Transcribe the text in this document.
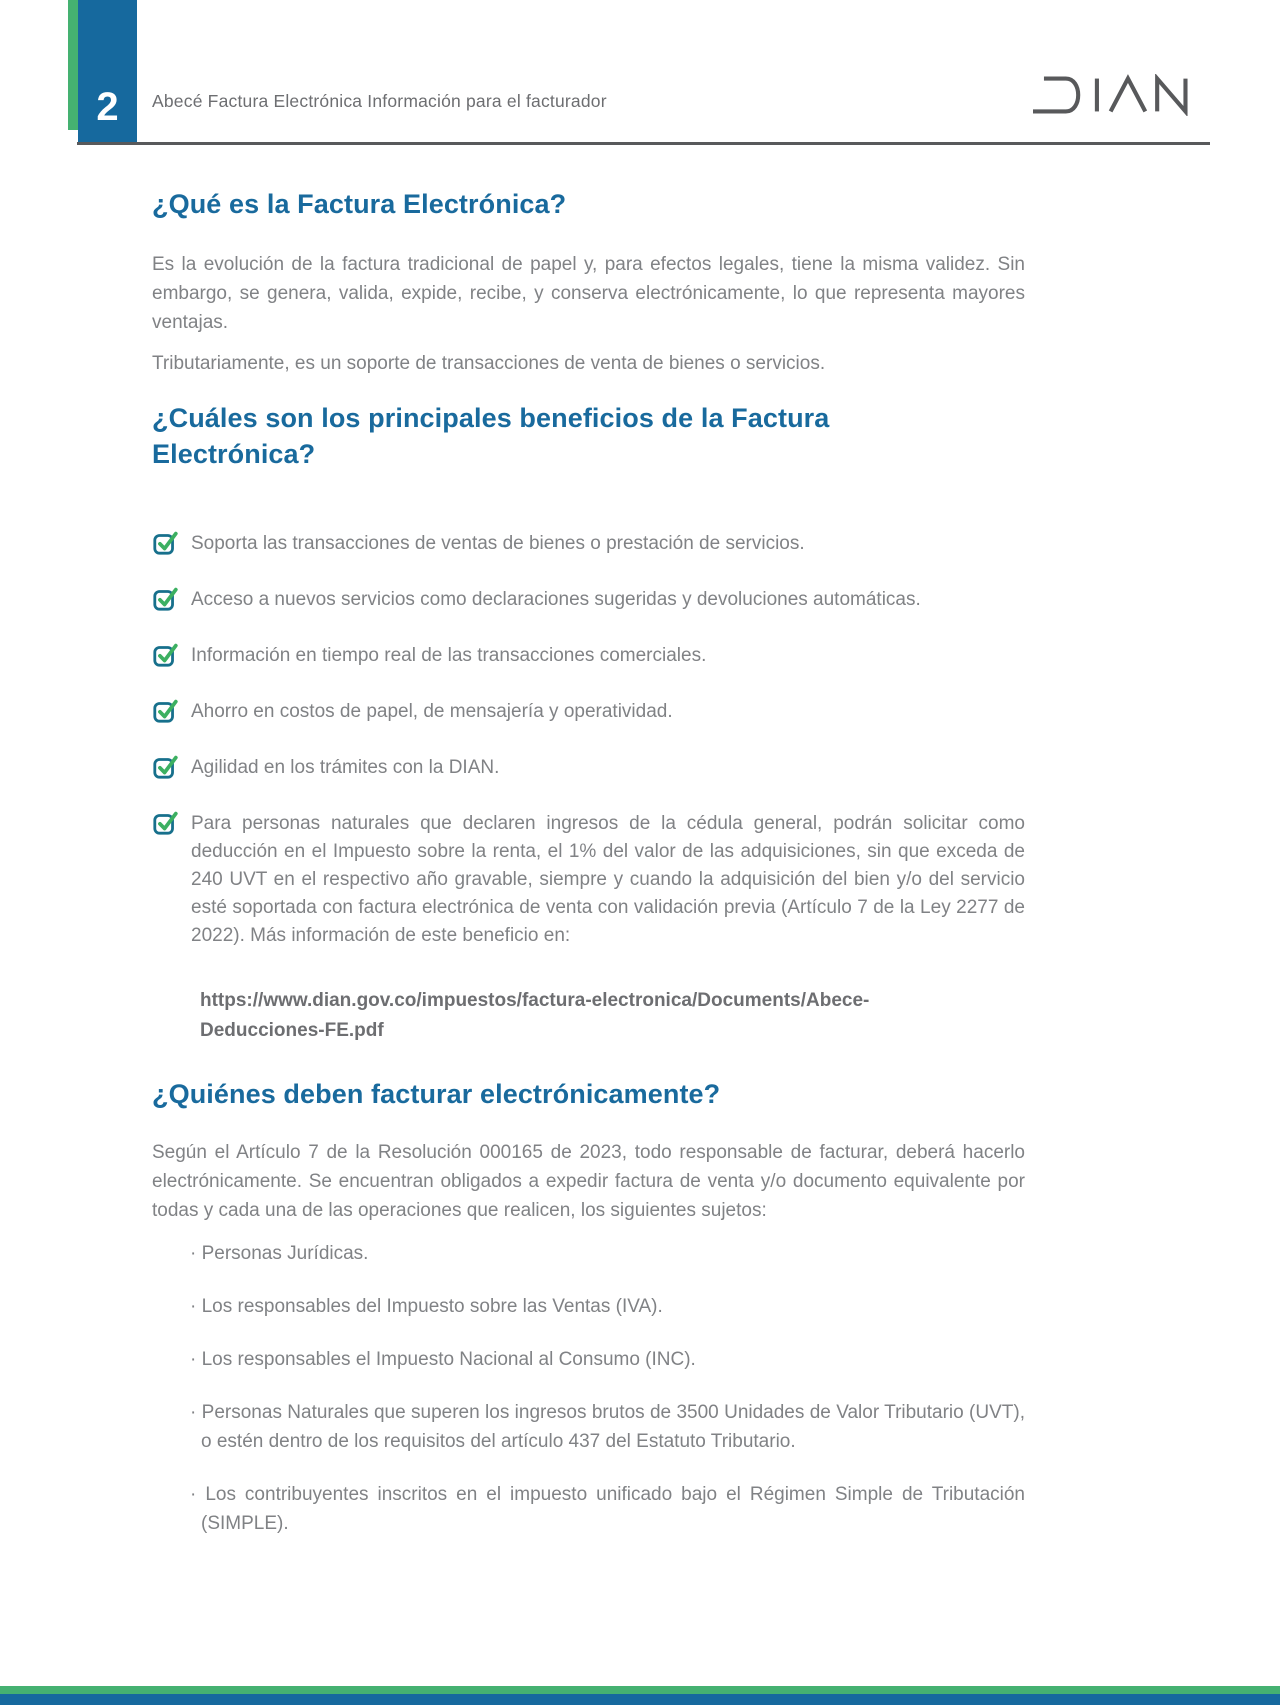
2 Abecé Factura Electrónica Información para el facturador
¿Qué es la Factura Electrónica?

Es la evolución de la factura tradicional de papel y, para efectos legales, tiene la misma validez. Sin embargo, se genera, valida, expide, recibe, y conserva electrónicamente, lo que representa mayores ventajas.

Tributariamente, es un soporte de transacciones de venta de bienes o servicios.

¿Cuáles son los principales beneficios de la Factura Electrónica?
Soporta las transacciones de ventas de bienes o prestación de servicios.
Acceso a nuevos servicios como declaraciones sugeridas y devoluciones automáticas.
Información en tiempo real de las transacciones comerciales.
Ahorro en costos de papel, de mensajería y operatividad.
Agilidad en los trámites con la DIAN.
Para personas naturales que declaren ingresos de la cédula general, podrán solicitar como deducción en el Impuesto sobre la renta, el 1% del valor de las adquisiciones, sin que exceda de 240 UVT en el respectivo año gravable, siempre y cuando la adquisición del bien y/o del servicio esté soportada con factura electrónica de venta con validación previa (Artículo 7 de la Ley 2277 de 2022). Más información de este beneficio en:

https://www.dian.gov.co/impuestos/factura-electronica/Documents/Abece-Deducciones-FE.pdf

¿Quiénes deben facturar electrónicamente?

Según el Artículo 7 de la Resolución 000165 de 2023, todo responsable de facturar, deberá hacerlo electrónicamente. Se encuentran obligados a expedir factura de venta y/o documento equivalente por todas y cada una de las operaciones que realicen, los siguientes sujetos:

· Personas Jurídicas.
· Los responsables del Impuesto sobre las Ventas (IVA).
· Los responsables el Impuesto Nacional al Consumo (INC).
· Personas Naturales que superen los ingresos brutos de 3500 Unidades de Valor Tributario (UVT), o estén dentro de los requisitos del artículo 437 del Estatuto Tributario.
· Los contribuyentes inscritos en el impuesto unificado bajo el Régimen Simple de Tributación (SIMPLE).
